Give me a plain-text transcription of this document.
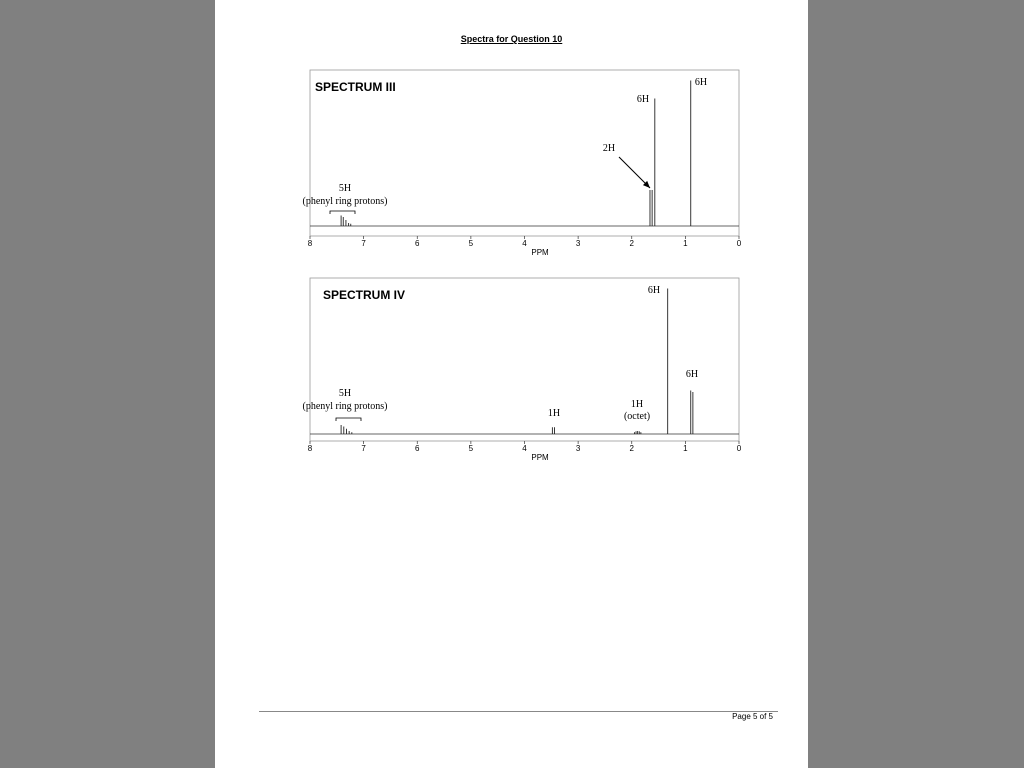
Spectra for Question 10
SPECTRUM III
8	7	6	5	4	3	2	1	0
PPM
5H
(phenyl ring protons)
2H
6H
6H
SPECTRUM IV
8	7	6	5	4	3	2	1	0
PPM
5H
(phenyl ring protons)
1H
1H
(octet)
6H
6H
Page 5 of 5
